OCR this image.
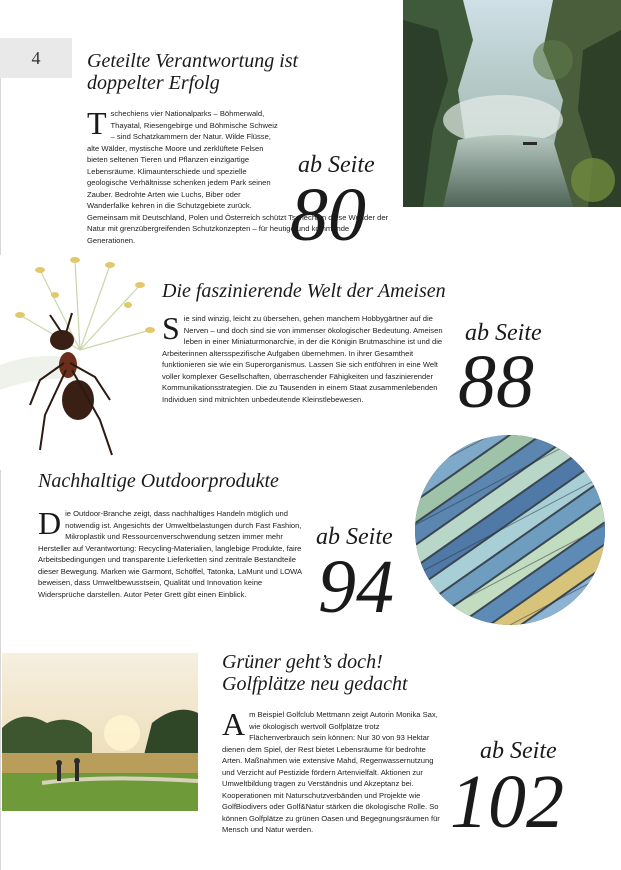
4	Geteilte Verantwortung ist
doppelter Erfolg
T schechiens vier Nationalparks – Böhmerwald, Thayatal, Riesengebirge und Böhmische Schweiz – sind Schatzkammern der Natur. Wilde Flüsse, alte Wälder, mystische Moore und zerklüftete Felsen bieten seltenen Tieren und Pflanzen einzigartige Lebensräume. Klimaunterschiede und spezielle geologische Verhältnisse schenken jedem Park seinen Zauber. Bedrohte Arten wie Luchs, Biber oder Wanderfalke kehren in die Schutzgebiete zurück. Gemeinsam mit Deutschland, Polen und Österreich schützt Tschechien diese Wunder der Natur mit grenzübergreifenden Schutzkonzepten – für heutige und kommende Generationen.

ab Seite
80
Die faszinierende Welt der Ameisen
S ie sind winzig, leicht zu übersehen, gehen manchem Hobbygärtner auf die Nerven – und doch sind sie von immenser ökologischer Bedeutung. Ameisen leben in einer Miniaturmonarchie, in der die Königin Brutmaschine ist und die Arbeiterinnen altersspezifische Aufgaben übernehmen. In ihrer Gesamtheit funktionieren sie wie ein Superorganismus. Lassen Sie sich entführen in eine Welt voller komplexer Gesellschaften, überraschender Fähigkeiten und faszinierender Kommunikationsstrategien. Die zu Tausenden in einem Staat zusammenlebenden Individuen sind mitnichten unbedeutende Kleinstlebewesen.

ab Seite
88
Nachhaltige Outdoorprodukte
D ie Outdoor-Branche zeigt, dass nachhaltiges Handeln möglich und notwendig ist. Angesichts der Umweltbelastungen durch Fast Fashion, Mikroplastik und Ressourcenverschwendung setzen immer mehr Hersteller auf Verantwortung: Recycling-Materialien, langlebige Produkte, faire Arbeitsbedingungen und transparente Lieferketten sind zentrale Bestandteile dieser Bewegung. Marken wie Garmont, Schöffel, Tatonka, LaMunt und LOWA beweisen, dass Umweltbewusstsein, Qualität und Innovation keine Widersprüche darstellen. Autor Peter Grett gibt einen Einblick.

ab Seite
94
Grüner geht’s doch!
Golfplätze neu gedacht
A m Beispiel Golfclub Mettmann zeigt Autorin Monika Sax, wie ökologisch wertvoll Golfplätze trotz Flächenverbrauch sein können: Nur 30 von 93 Hektar dienen dem Spiel, der Rest bietet Lebensräume für bedrohte Arten. Maßnahmen wie extensive Mahd, Regenwassernutzung und Verzicht auf Pestizide fördern Artenvielfalt. Aktionen zur Umweltbildung tragen zu Verständnis und Akzeptanz bei. Kooperationen mit Naturschutzverbänden und Projekte wie GolfBiodivers oder Golf&Natur stärken die ökologische Rolle. So können Golfplätze zu grünen Oasen und Begegnungsräumen für Mensch und Natur werden.

ab Seite
102
